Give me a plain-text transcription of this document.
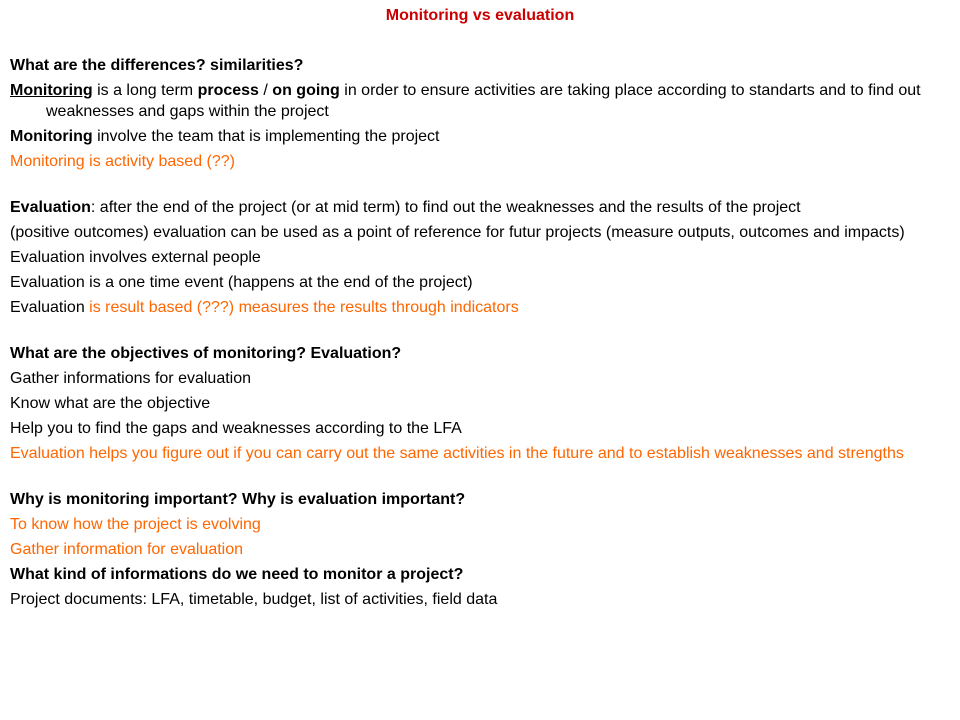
Monitoring vs evaluation
What are the differences? similarities?
Monitoring is a long term process / on going in order to ensure activities are taking place according to standarts and to find out weaknesses and gaps within the project
Monitoring involve the team that is implementing the project
Monitoring is activity based (??)
Evaluation: after the end of the project (or at mid term) to find out the weaknesses and the results of the project
(positive outcomes) evaluation can be used as a point of reference for futur projects (measure outputs, outcomes and impacts)
Evaluation involves external people
Evaluation is a one time event (happens at the end of the project)
Evaluation is result based (???) measures the results through indicators
What are the objectives of monitoring? Evaluation?
Gather informations for evaluation
Know what are the objective
Help you to find the gaps and weaknesses according to the LFA
Evaluation helps you figure out if you can carry out the same activities in the future and to establish weaknesses and strengths
Why is monitoring important? Why is evaluation important?
To know how the project is evolving
Gather information for evaluation
What kind of informations do we need to monitor a project?
Project documents: LFA, timetable, budget, list of activities, field data
